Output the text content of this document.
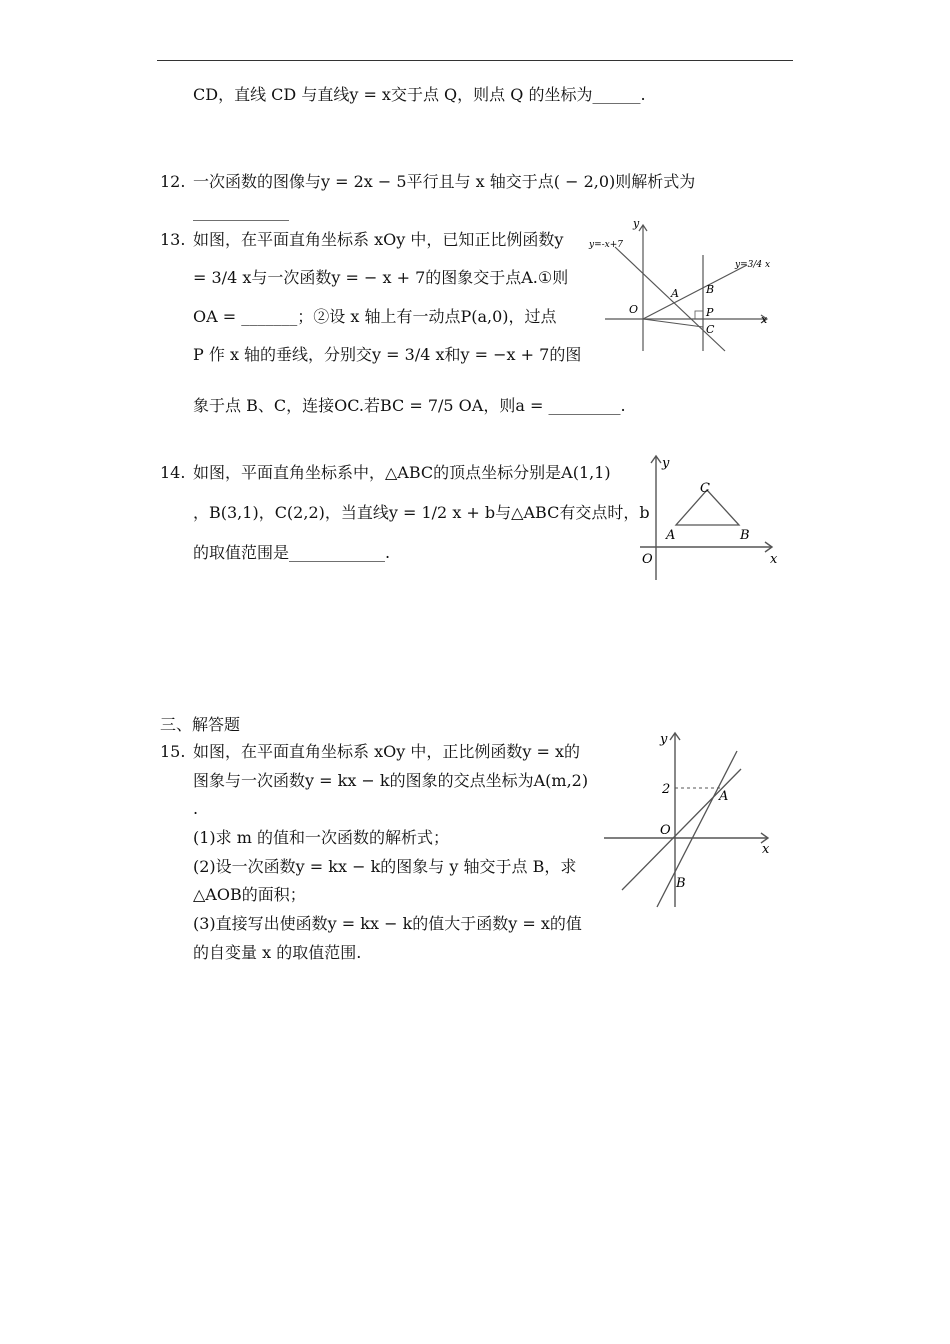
CD，直线 CD 与直线y = x交于点 Q，则点 Q 的坐标为______.
12. 一次函数的图像与y = 2x − 5平行且与 x 轴交于点( − 2,0)则解析式为
____________
13. 如图，在平面直角坐标系 xOy 中，已知正比例函数y
= 3/4 x与一次函数y = − x + 7的图象交于点A.①则
OA = _______；②设 x 轴上有一动点P(a,0)，过点
P 作 x 轴的垂线，分别交y = 3/4 x和y = −x + 7的图
象于点 B、C，连接OC.若BC = 7/5 OA，则a = _________.
y=-x+7
y=3/4 x
x
y
O
A B
C
P
14. 如图，平面直角坐标系中，△ABC的顶点坐标分别是A(1,1)
，B(3,1)，C(2,2)，当直线y = 1/2 x + b与△ABC有交点时，b
的取值范围是____________.	x
y
O
A	B
C
三、解答题
15. 如图，在平面直角坐标系 xOy 中，正比例函数y = x的
图象与一次函数y = kx − k的图象的交点坐标为A(m,2)
.
(1)求 m 的值和一次函数的解析式；
(2)设一次函数y = kx − k的图象与 y 轴交于点 B，求
△AOB的面积；
(3)直接写出使函数y = kx − k的值大于函数y = x的值
的自变量 x 的取值范围.
x
y
O
A
B
2
